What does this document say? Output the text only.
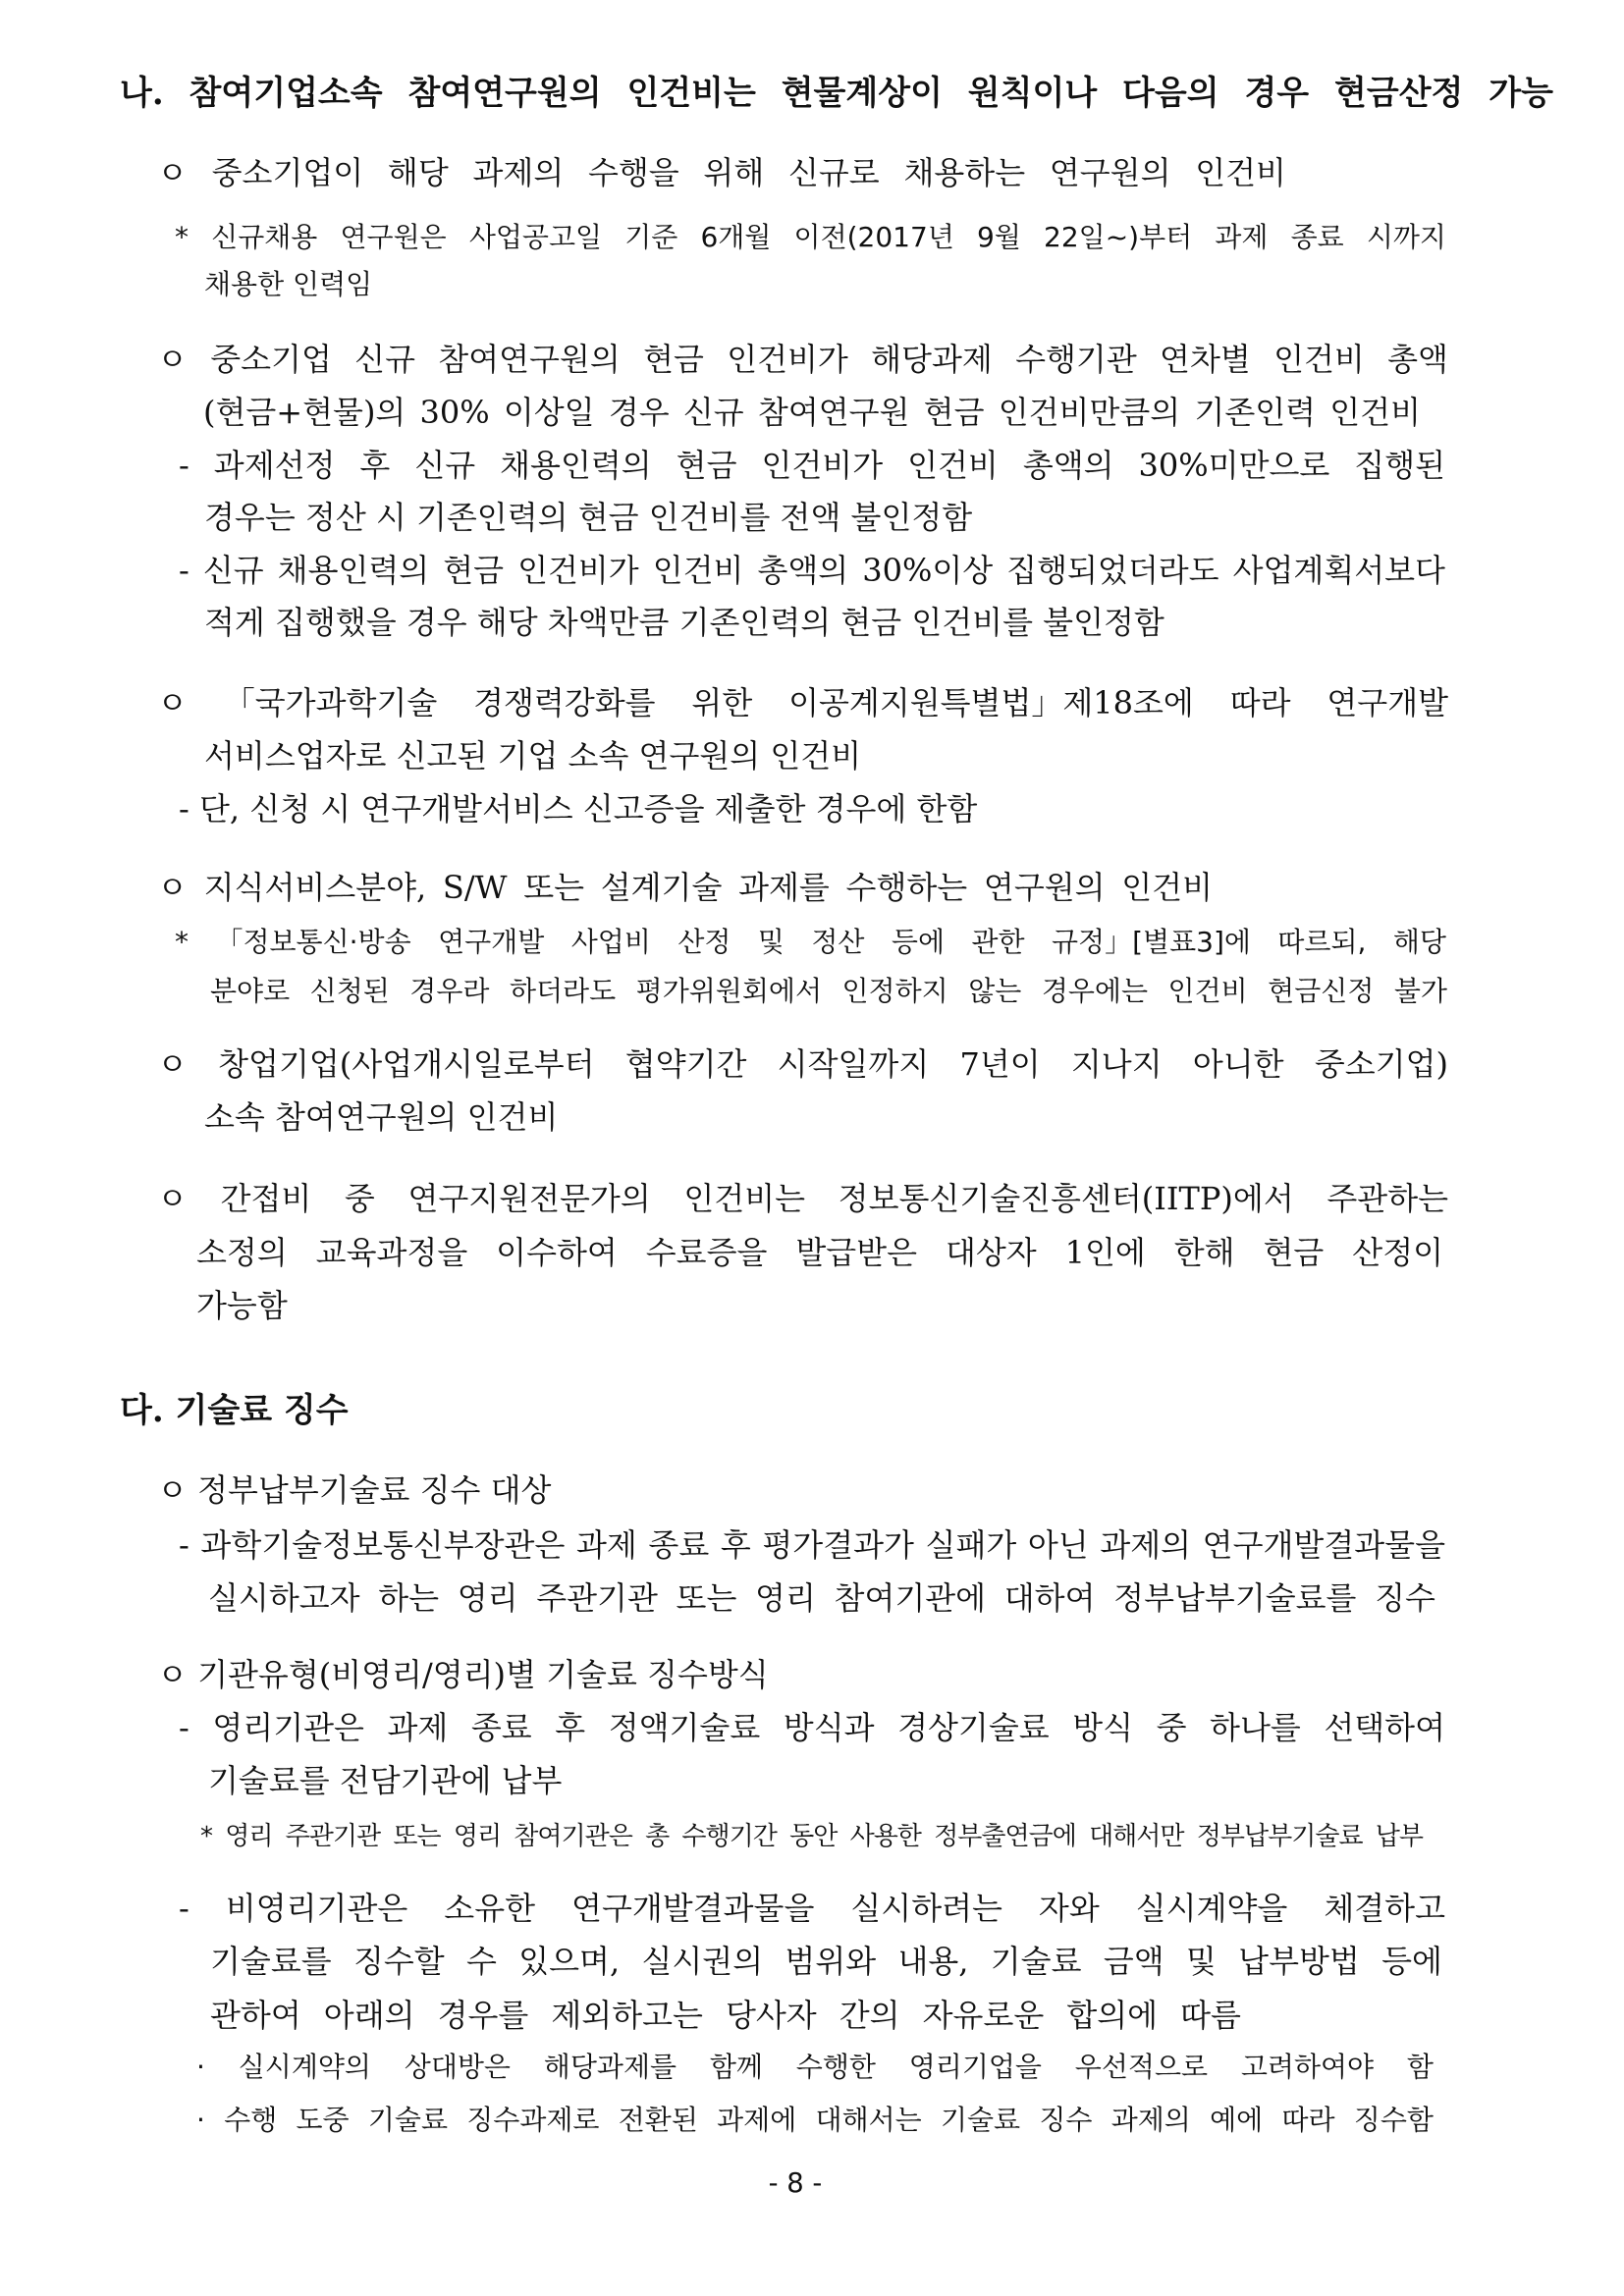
나. 참여기업소속 참여연구원의 인건비는 현물계상이 원칙이나 다음의 경우 현금산정 가능
ㅇ 중소기업이 해당 과제의 수행을 위해 신규로 채용하는 연구원의 인건비
* 신규채용 연구원은 사업공고일 기준 6개월 이전(2017년 9월 22일~)부터 과제 종료 시까지
채용한 인력임
ㅇ 중소기업 신규 참여연구원의 현금 인건비가 해당과제 수행기관 연차별 인건비 총액
(현금+현물)의 30% 이상일 경우 신규 참여연구원 현금 인건비만큼의 기존인력 인건비
- 과제선정 후 신규 채용인력의 현금 인건비가 인건비 총액의 30%미만으로 집행된
경우는 정산 시 기존인력의 현금 인건비를 전액 불인정함
- 신규 채용인력의 현금 인건비가 인건비 총액의 30%이상 집행되었더라도 사업계획서보다
적게 집행했을 경우 해당 차액만큼 기존인력의 현금 인건비를 불인정함
ㅇ 「국가과학기술 경쟁력강화를 위한 이공계지원특별법」제18조에 따라 연구개발
서비스업자로 신고된 기업 소속 연구원의 인건비
- 단, 신청 시 연구개발서비스 신고증을 제출한 경우에 한함
ㅇ 지식서비스분야, S/W 또는 설계기술 과제를 수행하는 연구원의 인건비
* 「정보통신·방송 연구개발 사업비 산정 및 정산 등에 관한 규정」[별표3]에 따르되, 해당
분야로 신청된 경우라 하더라도 평가위원회에서 인정하지 않는 경우에는 인건비 현금신정 불가
ㅇ 창업기업(사업개시일로부터 협약기간 시작일까지 7년이 지나지 아니한 중소기업)
소속 참여연구원의 인건비
ㅇ 간접비 중 연구지원전문가의 인건비는 정보통신기술진흥센터(IITP)에서 주관하는
소정의 교육과정을 이수하여 수료증을 발급받은 대상자 1인에 한해 현금 산정이
가능함
다. 기술료 징수
ㅇ 정부납부기술료 징수 대상
- 과학기술정보통신부장관은 과제 종료 후 평가결과가 실패가 아닌 과제의 연구개발결과물을
실시하고자 하는 영리 주관기관 또는 영리 참여기관에 대하여 정부납부기술료를 징수
ㅇ 기관유형(비영리/영리)별 기술료 징수방식
- 영리기관은 과제 종료 후 정액기술료 방식과 경상기술료 방식 중 하나를 선택하여
기술료를 전담기관에 납부
* 영리 주관기관 또는 영리 참여기관은 총 수행기간 동안 사용한 정부출연금에 대해서만 정부납부기술료 납부
- 비영리기관은 소유한 연구개발결과물을 실시하려는 자와 실시계약을 체결하고
기술료를 징수할 수 있으며, 실시권의 범위와 내용, 기술료 금액 및 납부방법 등에
관하여 아래의 경우를 제외하고는 당사자 간의 자유로운 합의에 따름
· 실시계약의 상대방은 해당과제를 함께 수행한 영리기업을 우선적으로 고려하여야 함
· 수행 도중 기술료 징수과제로 전환된 과제에 대해서는 기술료 징수 과제의 예에 따라 징수함
- 8 -
